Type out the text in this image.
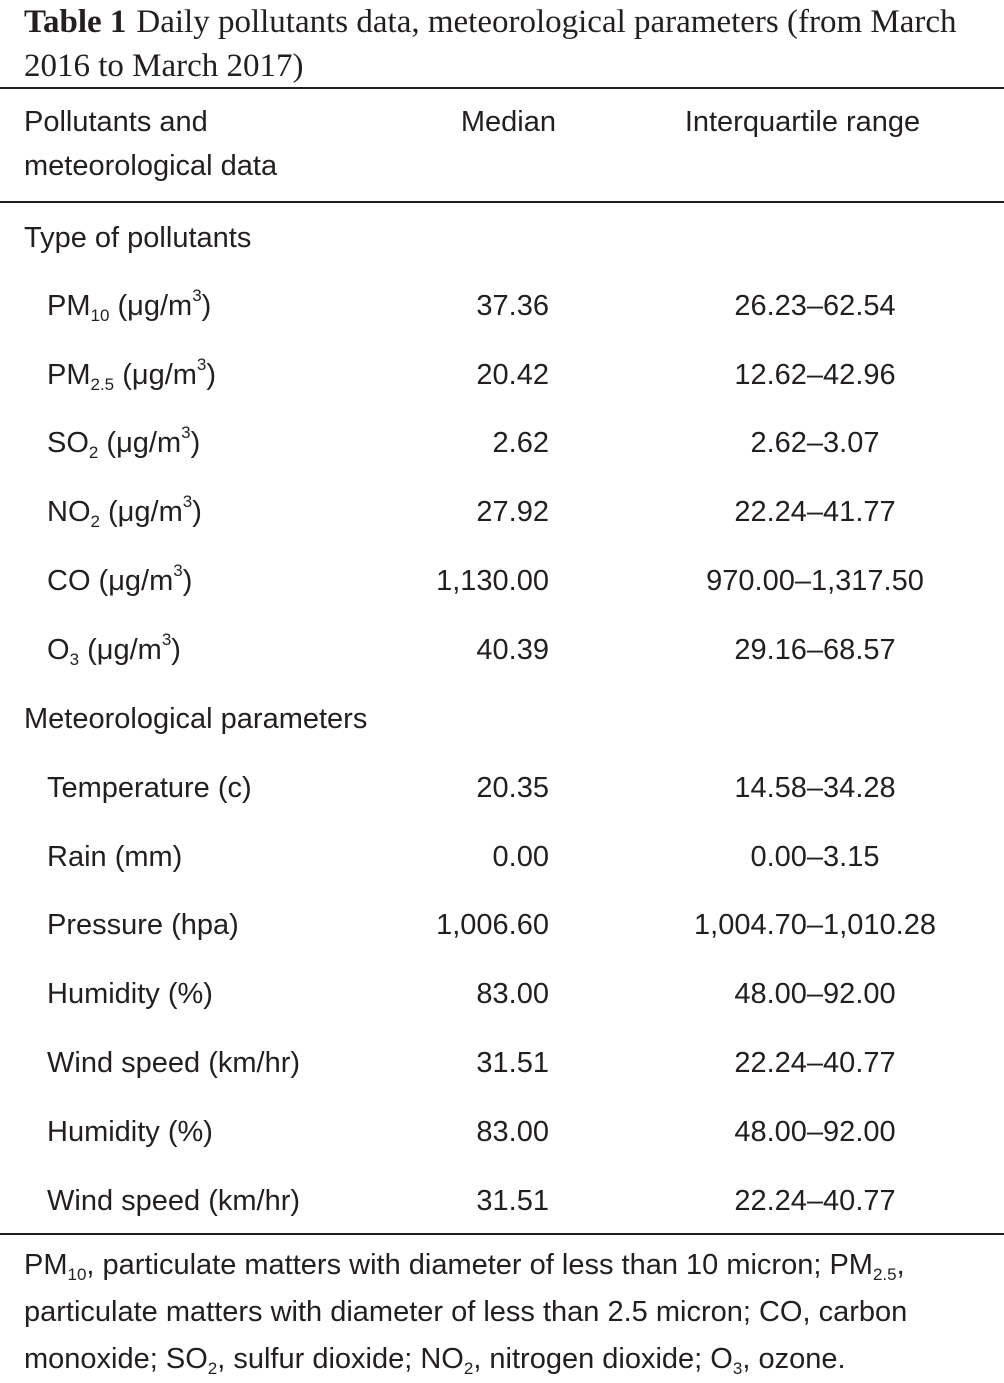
Table 1 Daily pollutants data, meteorological parameters (from March 2016 to March 2017)
Pollutants and
meteorological data
Median	Interquartile range
Type of pollutants
$PM_{10}$ $(\mu g/m^3)$	37.36	26.23–62.54
$PM_{2.5}$ $(\mu g/m^3)$	20.42	12.62–42.96
$SO_2$ $(\mu g/m^3)$	2.62	2.62–3.07
$NO_2$ $(\mu g/m^3)$	27.92	22.24–41.77
CO $(\mu g/m^3)$	1,130.00	970.00–1,317.50
$O_3$ $(\mu g/m^3)$	40.39	29.16–68.57
Meteorological parameters
Temperature (c)	20.35	14.58–34.28
Rain (mm)	0.00	0.00–3.15
Pressure (hpa)	1,006.60	1,004.70–1,010.28
Humidity (%)	83.00	48.00–92.00
Wind speed (km/hr)	31.51	22.24–40.77
Humidity (%)	83.00	48.00–92.00
Wind speed (km/hr)	31.51	22.24–40.77
$PM_{10}$, particulate matters with diameter of less than 10 micron; $PM_{2.5}$, particulate matters with diameter of less than 2.5 micron; CO, carbon monoxide; $SO_2$, sulfur dioxide; $NO_2$, nitrogen dioxide; $O_3$, ozone.
